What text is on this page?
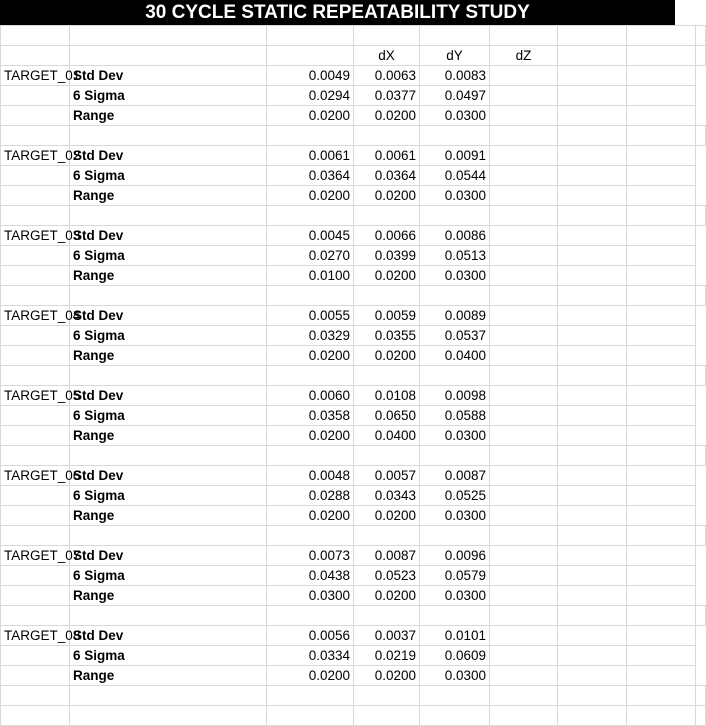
30 CYCLE STATIC REPEATABILITY STUDY

			dX	dY	dZ			
TARGET_01	Std Dev	0.0049	0.0063	0.0083				
	6 Sigma	0.0294	0.0377	0.0497				
	Range	0.0200	0.0200	0.0300				

TARGET_02	Std Dev	0.0061	0.0061	0.0091				
	6 Sigma	0.0364	0.0364	0.0544				
	Range	0.0200	0.0200	0.0300				

TARGET_03	Std Dev	0.0045	0.0066	0.0086				
	6 Sigma	0.0270	0.0399	0.0513				
	Range	0.0100	0.0200	0.0300				

TARGET_04	Std Dev	0.0055	0.0059	0.0089				
	6 Sigma	0.0329	0.0355	0.0537				
	Range	0.0200	0.0200	0.0400				

TARGET_05	Std Dev	0.0060	0.0108	0.0098				
	6 Sigma	0.0358	0.0650	0.0588				
	Range	0.0200	0.0400	0.0300				

TARGET_06	Std Dev	0.0048	0.0057	0.0087				
	6 Sigma	0.0288	0.0343	0.0525				
	Range	0.0200	0.0200	0.0300				

TARGET_07	Std Dev	0.0073	0.0087	0.0096				
	6 Sigma	0.0438	0.0523	0.0579				
	Range	0.0300	0.0200	0.0300				

TARGET_08	Std Dev	0.0056	0.0037	0.0101				
	6 Sigma	0.0334	0.0219	0.0609				
	Range	0.0200	0.0200	0.0300				
